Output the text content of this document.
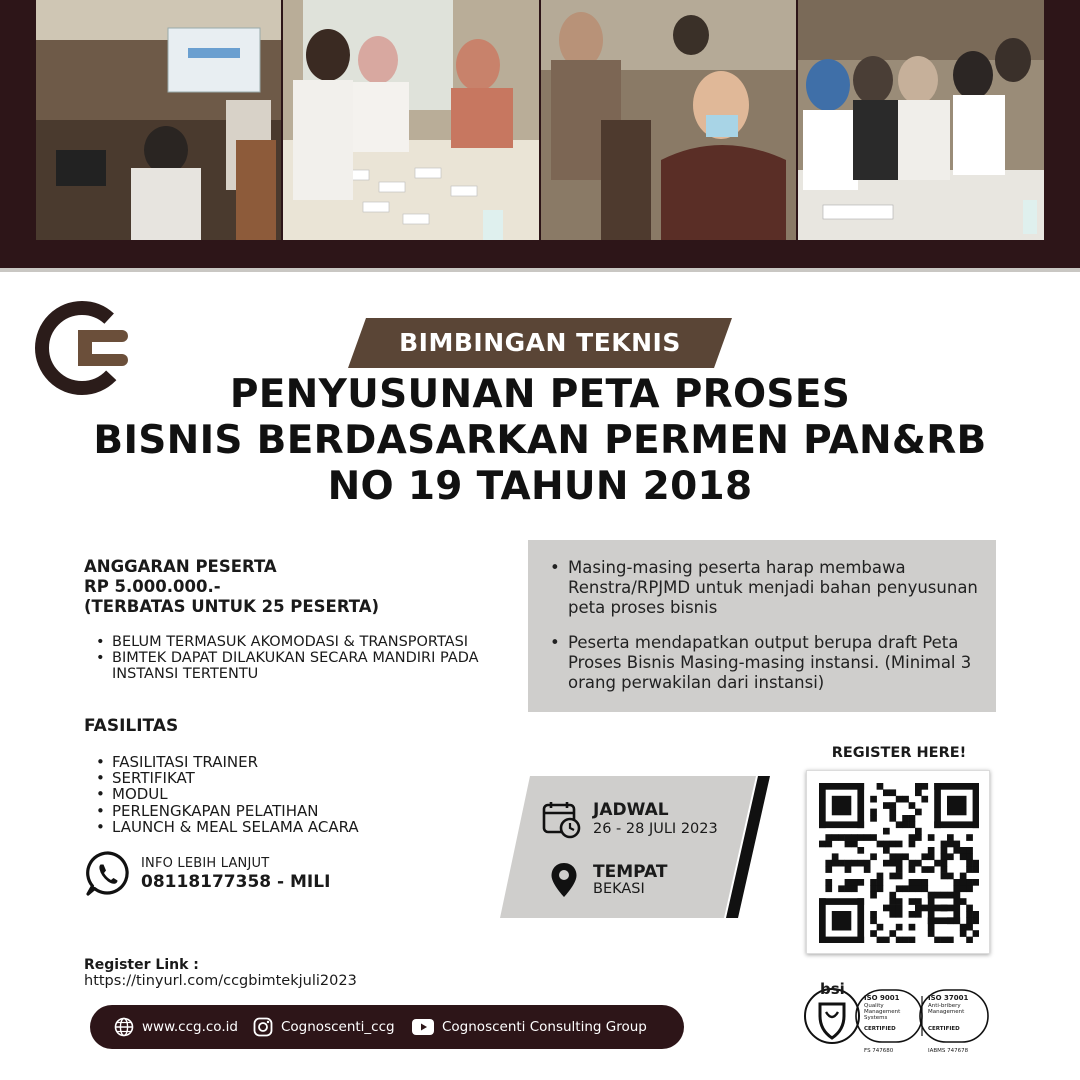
BIMBINGAN TEKNIS
PENYUSUNAN PETA PROSES
BISNIS BERDASARKAN PERMEN PAN&RB
NO 19 TAHUN 2018
ANGGARAN PESERTA
RP 5.000.000.-
(TERBATAS UNTUK 25 PESERTA)
• BELUM TERMASUK AKOMODASI & TRANSPORTASI
• BIMTEK DAPAT DILAKUKAN SECARA MANDIRI PADA INSTANSI TERTENTU
FASILITAS
• FASILITASI TRAINER
• SERTIFIKAT
• MODUL
• PERLENGKAPAN PELATIHAN
• LAUNCH & MEAL SELAMA ACARA
INFO LEBIH LANJUT
08118177358 - MILI
Register Link :
https://tinyurl.com/ccgbimtekjuli2023
www.ccg.co.id	Cognoscenti_ccg	Cognoscenti Consulting Group
• Masing-masing peserta harap membawa Renstra/RPJMD untuk menjadi bahan penyusunan peta proses bisnis
• Peserta mendapatkan output berupa draft Peta Proses Bisnis Masing-masing instansi. (Minimal 3 orang perwakilan dari instansi)
JADWAL
26 - 28 JULI 2023
TEMPAT
BEKASI
REGISTER HERE!
bsi	ISO 9001
Quality
Management
Systems
CERTIFIED
ISO 37001
Anti-bribery
Management
CERTIFIED
FS 747680	IABMS 747678
